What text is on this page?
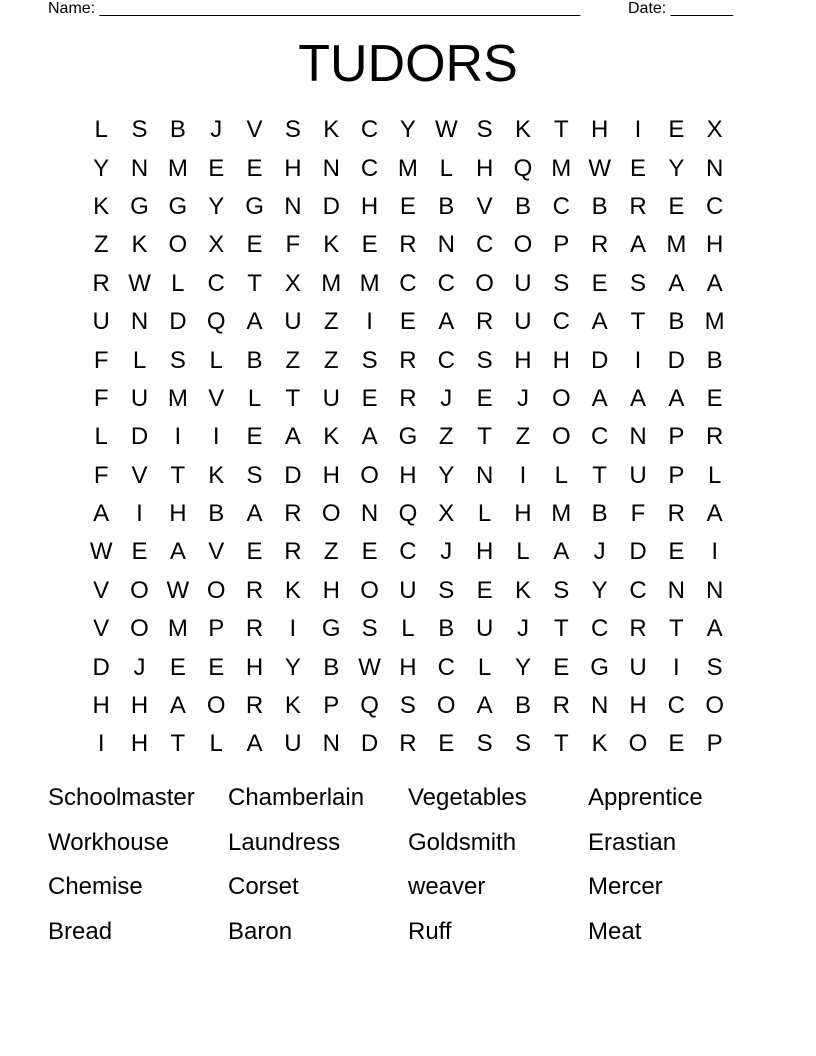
Name: ______________________________________________________	Date: _______
TUDORS
L S B	J	V S K C Y W S K T H	I	E X
Y N M E E H N C M L H Q M W E Y N
K G G Y G N D H E B V B C B R E C
Z K O X E F K E R N C O P R A M H
R W L C T X M M C C O U S E S A A
U N D Q A U Z	I	E A R U C A T B M
F	L S L B Z Z S R C S H H D	I	D B
F U M V L	T U E R J	E	J O A A A E
L D	I	I	E A K A G Z T Z O C N P R
F V T K S D H O H Y N	I	L	T U P L
A	I	H B A R O N Q X L H M B F R A
W E A V E R Z E C J H L A	J D E	I
V O W O R K H O U S E K S Y C N N
V O M P R	I	G S L B U J	T C R T A
D J	E E H Y B W H C L Y E G U	I	S
H H A O R K P Q S O A B R N H C O
I	H T	L A U N D R E S S T K O E P
Schoolmaster	Chamberlain	Vegetables	Apprentice
Workhouse	Laundress	Goldsmith	Erastian
Chemise	Corset	weaver	Mercer
Bread	Baron	Ruff	Meat
